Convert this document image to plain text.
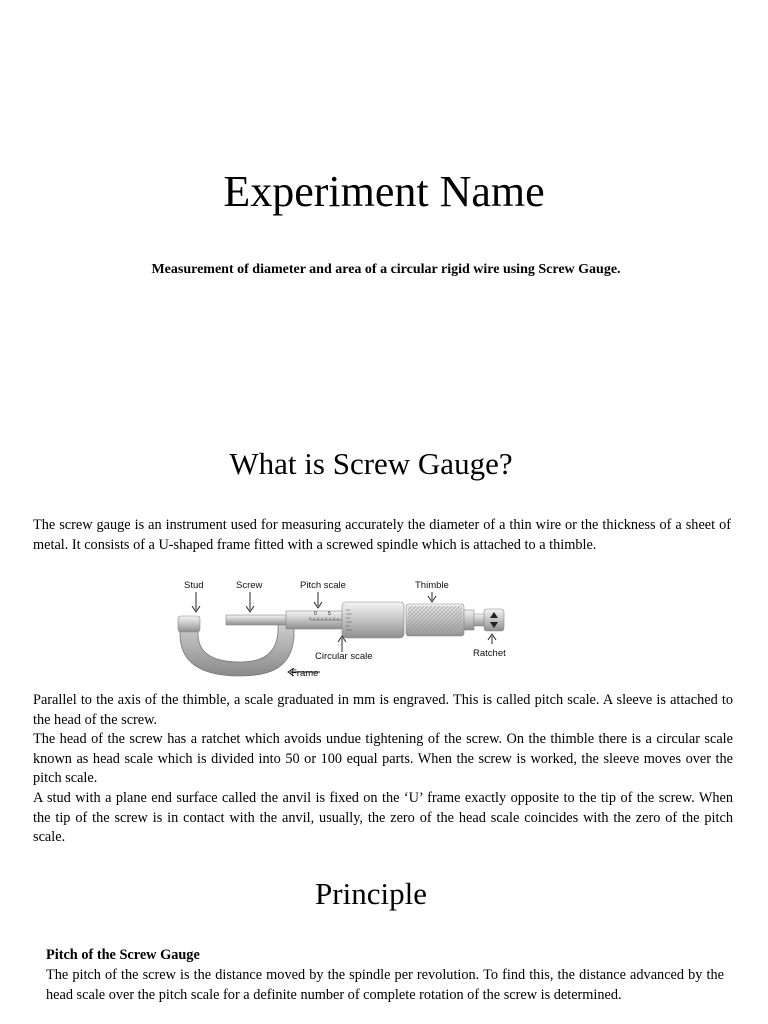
Experiment Name
Measurement of diameter and area of a circular rigid wire using Screw Gauge.
What is Screw Gauge?

The screw gauge is an instrument used for measuring accurately the diameter of a thin wire or the thickness of a sheet of metal. It consists of a U-shaped frame fitted with a screwed spindle which is attached to a thimble.

0 5
Stud	Screw	Pitch scale	Thimble
Ratchet
Circular scale
Frame

Parallel to the axis of the thimble, a scale graduated in mm is engraved. This is called pitch scale. A sleeve is attached to the head of the screw.

The head of the screw has a ratchet which avoids undue tightening of the screw. On the thimble there is a circular scale known as head scale which is divided into 50 or 100 equal parts. When the screw is worked, the sleeve moves over the pitch scale.

A stud with a plane end surface called the anvil is fixed on the ‘U’ frame exactly opposite to the tip of the screw. When the tip of the screw is in contact with the anvil, usually, the zero of the head scale coincides with the zero of the pitch scale.

Principle
Pitch of the Screw Gauge

The pitch of the screw is the distance moved by the spindle per revolution. To find this, the distance advanced by the head scale over the pitch scale for a definite number of complete rotation of the screw is determined.
